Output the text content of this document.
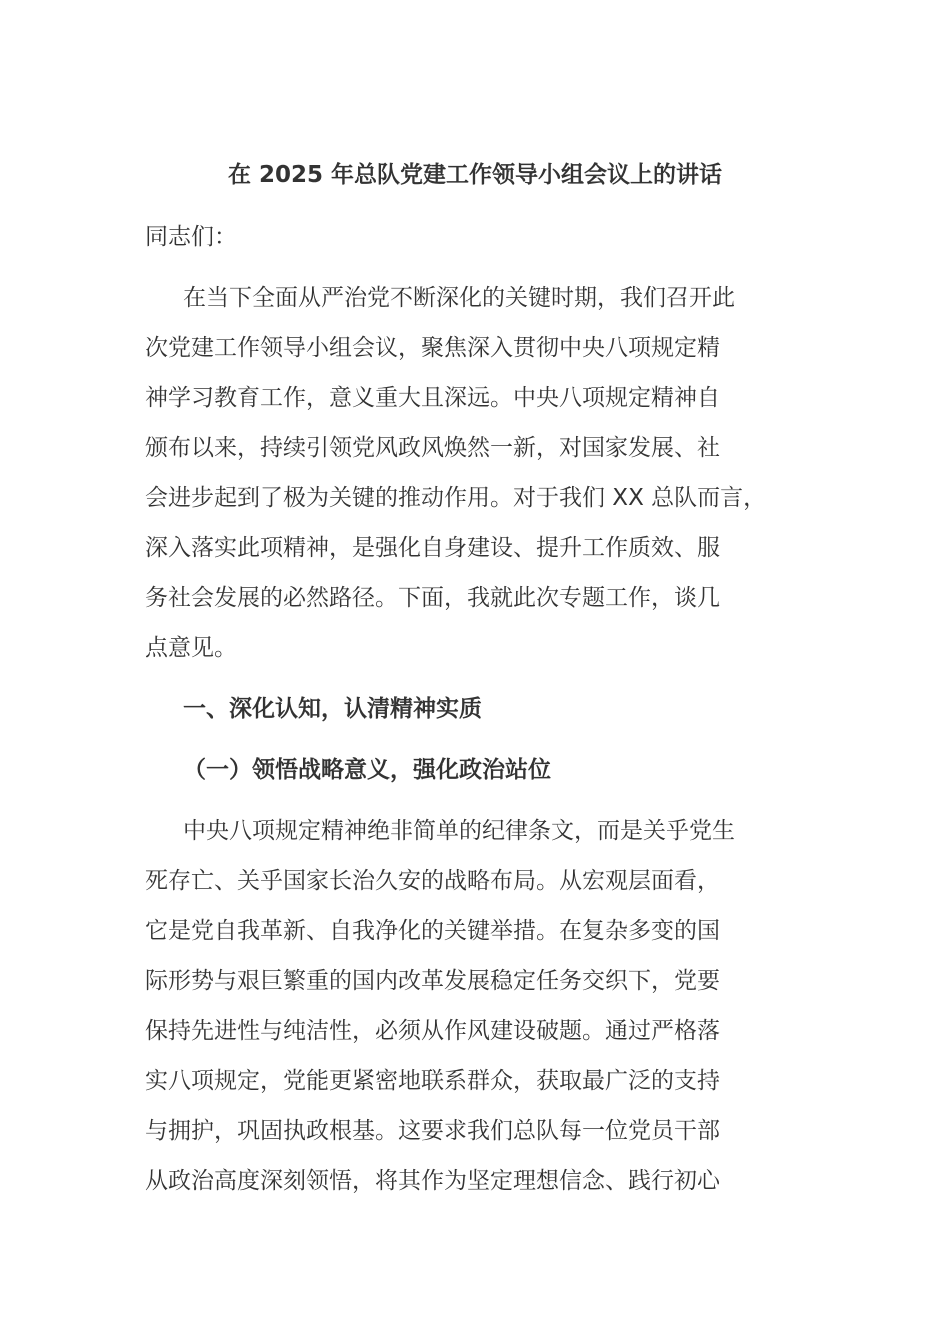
在 2025 年总队党建工作领导小组会议上的讲话
同志们：
在当下全面从严治党不断深化的关键时期，我们召开此
次党建工作领导小组会议，聚焦深入贯彻中央八项规定精
神学习教育工作，意义重大且深远。中央八项规定精神自
颁布以来，持续引领党风政风焕然一新，对国家发展、社
会进步起到了极为关键的推动作用。对于我们 XX 总队而言，
深入落实此项精神，是强化自身建设、提升工作质效、服
务社会发展的必然路径。下面，我就此次专题工作，谈几
点意见。
一、深化认知，认清精神实质
（一）领悟战略意义，强化政治站位
中央八项规定精神绝非简单的纪律条文，而是关乎党生
死存亡、关乎国家长治久安的战略布局。从宏观层面看，
它是党自我革新、自我净化的关键举措。在复杂多变的国
际形势与艰巨繁重的国内改革发展稳定任务交织下，党要
保持先进性与纯洁性，必须从作风建设破题。通过严格落
实八项规定，党能更紧密地联系群众，获取最广泛的支持
与拥护，巩固执政根基。这要求我们总队每一位党员干部
从政治高度深刻领悟，将其作为坚定理想信念、践行初心
